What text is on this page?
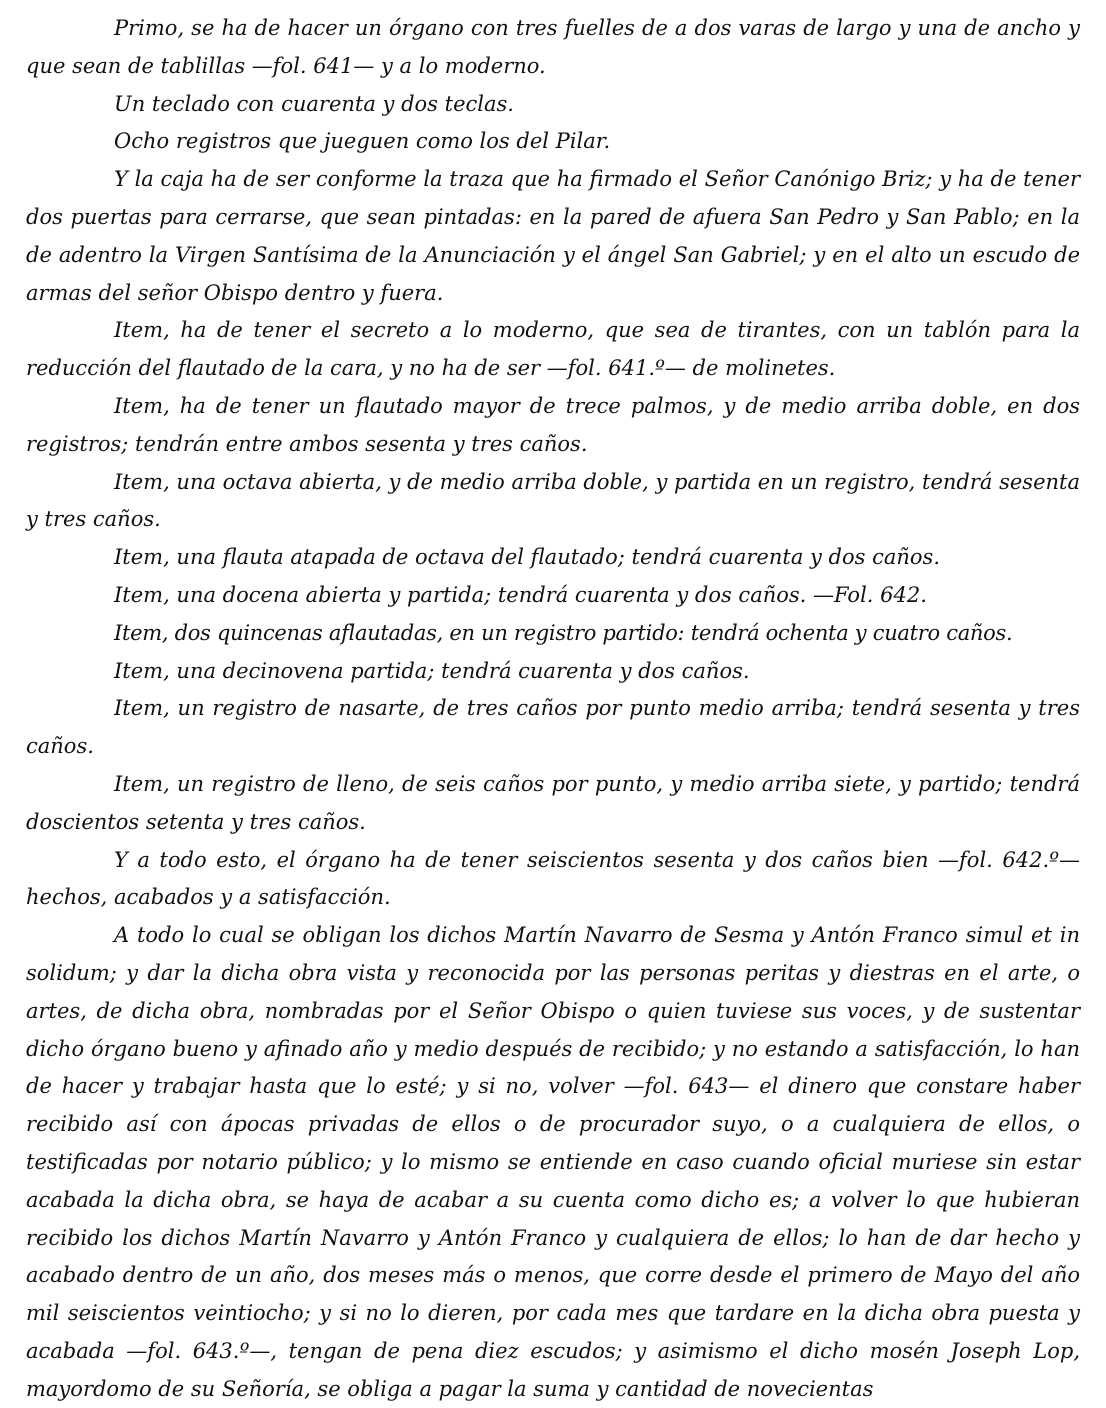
Primo, se ha de hacer un órgano con tres fuelles de a dos varas de largo y una de ancho y que sean de tablillas —fol. 641— y a lo moderno.

Un teclado con cuarenta y dos teclas.

Ocho registros que jueguen como los del Pilar.

Y la caja ha de ser conforme la traza que ha firmado el Señor Canónigo Briz; y ha de tener dos puertas para cerrarse, que sean pintadas: en la pared de afuera San Pedro y San Pablo; en la de adentro la Virgen Santísima de la Anunciación y el ángel San Gabriel; y en el alto un escudo de armas del señor Obispo dentro y fuera.

Item, ha de tener el secreto a lo moderno, que sea de tirantes, con un tablón para la reducción del flautado de la cara, y no ha de ser —fol. 641.º— de molinetes.

Item, ha de tener un flautado mayor de trece palmos, y de medio arriba doble, en dos registros; tendrán entre ambos sesenta y tres caños.

Item, una octava abierta, y de medio arriba doble, y partida en un registro, tendrá sesenta y tres caños.

Item, una flauta atapada de octava del flautado; tendrá cuarenta y dos caños.

Item, una docena abierta y partida; tendrá cuarenta y dos caños. —Fol. 642.

Item, dos quincenas aflautadas, en un registro partido: tendrá ochenta y cuatro caños.

Item, una decinovena partida; tendrá cuarenta y dos caños.

Item, un registro de nasarte, de tres caños por punto medio arriba; tendrá sesenta y tres caños.

Item, un registro de lleno, de seis caños por punto, y medio arriba siete, y partido; tendrá doscientos setenta y tres caños.

Y a todo esto, el órgano ha de tener seiscientos sesenta y dos caños bien —fol. 642.º— hechos, acabados y a satisfacción.

A todo lo cual se obligan los dichos Martín Navarro de Sesma y Antón Franco simul et in solidum; y dar la dicha obra vista y reconocida por las personas peritas y diestras en el arte, o artes, de dicha obra, nombradas por el Señor Obispo o quien tuviese sus voces, y de sustentar dicho órgano bueno y afinado año y medio después de recibido; y no estando a satisfacción, lo han de hacer y trabajar hasta que lo esté; y si no, volver —fol. 643— el dinero que constare haber recibido así con ápocas privadas de ellos o de procurador suyo, o a cualquiera de ellos, o testificadas por notario público; y lo mismo se entiende en caso cuando oficial muriese sin estar acabada la dicha obra, se haya de acabar a su cuenta como dicho es; a volver lo que hubieran recibido los dichos Martín Navarro y Antón Franco y cualquiera de ellos; lo han de dar hecho y acabado dentro de un año, dos meses más o menos, que corre desde el primero de Mayo del año mil seiscientos veintiocho; y si no lo dieren, por cada mes que tardare en la dicha obra puesta y acabada —fol. 643.º—, tengan de pena diez escudos; y asimismo el dicho mosén Joseph Lop, mayordomo de su Señoría, se obliga a pagar la suma y cantidad de novecientas
